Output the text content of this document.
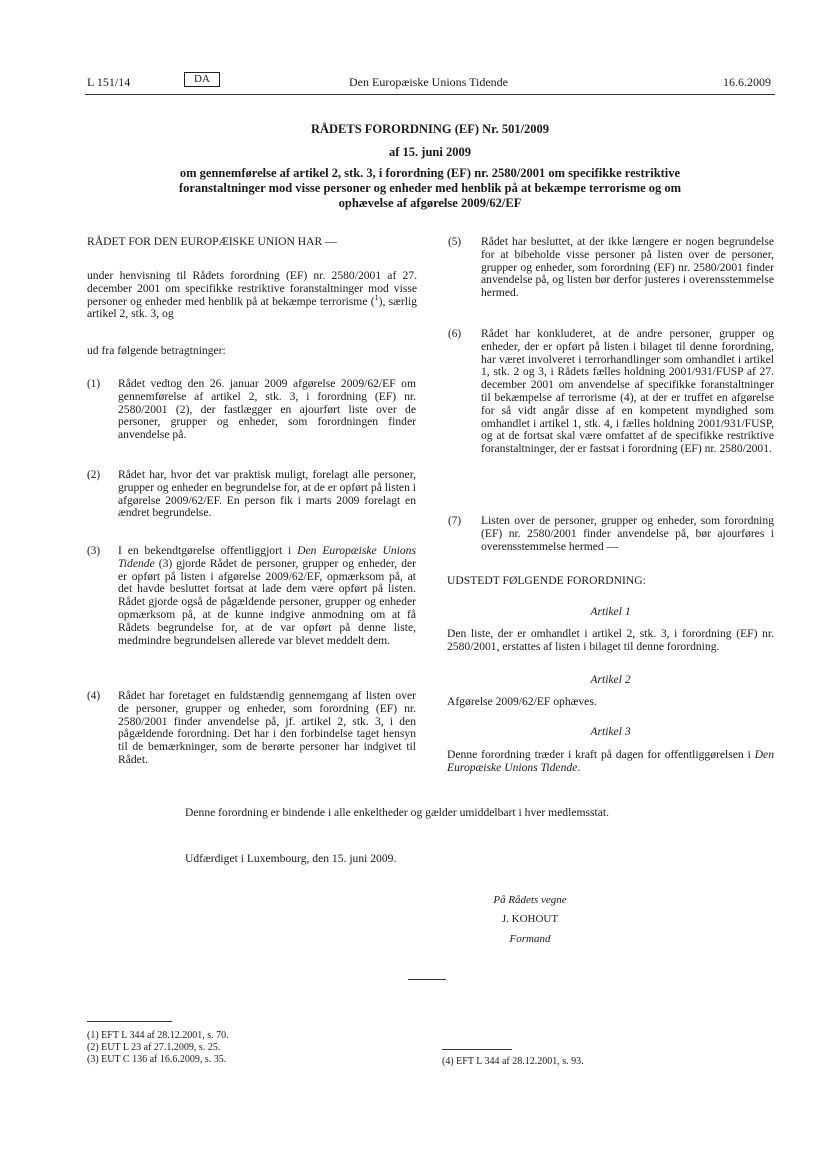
L 151/14	DA	Den Europæiske Unions Tidende	16.6.2009
RÅDETS FORORDNING (EF) Nr. 501/2009
af 15. juni 2009
om gennemførelse af artikel 2, stk. 3, i forordning (EF) nr. 2580/2001 om specifikke restriktive foranstaltninger mod visse personer og enheder med henblik på at bekæmpe terrorisme og om ophævelse af afgørelse 2009/62/EF
RÅDET FOR DEN EUROPÆISKE UNION HAR —
under henvisning til Rådets forordning (EF) nr. 2580/2001 af 27. december 2001 om specifikke restriktive foranstaltninger mod visse personer og enheder med henblik på at bekæmpe terrorisme ($^1$), særlig artikel 2, stk. 3, og
ud fra følgende betragtninger:
(1) Rådet vedtog den 26. januar 2009 afgørelse 2009/62/EF om gennemførelse af artikel 2, stk. 3, i forordning (EF) nr. 2580/2001 (2), der fastlægger en ajourført liste over de personer, grupper og enheder, som forordningen finder anvendelse på.
(2) Rådet har, hvor det var praktisk muligt, forelagt alle personer, grupper og enheder en begrundelse for, at de er opført på listen i afgørelse 2009/62/EF. En person fik i marts 2009 forelagt en ændret begrundelse.
(3) I en bekendtgørelse offentliggjort i Den Europæiske Unions Tidende (3) gjorde Rådet de personer, grupper og enheder, der er opført på listen i afgørelse 2009/62/EF, opmærksom på, at det havde besluttet fortsat at lade dem være opført på listen. Rådet gjorde også de pågældende personer, grupper og enheder opmærksom på, at de kunne indgive anmodning om at få Rådets begrundelse for, at de var opført på denne liste, medmindre begrundelsen allerede var blevet meddelt dem.
(4) Rådet har foretaget en fuldstændig gennemgang af listen over de personer, grupper og enheder, som forordning (EF) nr. 2580/2001 finder anvendelse på, jf. artikel 2, stk. 3, i den pågældende forordning. Det har i den forbindelse taget hensyn til de bemærkninger, som de berørte personer har indgivet til Rådet.
(5) Rådet har besluttet, at der ikke længere er nogen begrundelse for at bibeholde visse personer på listen over de personer, grupper og enheder, som forordning (EF) nr. 2580/2001 finder anvendelse på, og listen bør derfor justeres i overensstemmelse hermed.
(6) Rådet har konkluderet, at de andre personer, grupper og enheder, der er opført på listen i bilaget til denne forordning, har været involveret i terrorhandlinger som omhandlet i artikel 1, stk. 2 og 3, i Rådets fælles holdning 2001/931/FUSP af 27. december 2001 om anvendelse af specifikke foranstaltninger til bekæmpelse af terrorisme (4), at der er truffet en afgørelse for så vidt angår disse af en kompetent myndighed som omhandlet i artikel 1, stk. 4, i fælles holdning 2001/931/FUSP, og at de fortsat skal være omfattet af de specifikke restriktive foranstaltninger, der er fastsat i forordning (EF) nr. 2580/2001.
(7) Listen over de personer, grupper og enheder, som forordning (EF) nr. 2580/2001 finder anvendelse på, bør ajourføres i overensstemmelse hermed —
UDSTEDT FØLGENDE FORORDNING:
Artikel 1
Den liste, der er omhandlet i artikel 2, stk. 3, i forordning (EF) nr. 2580/2001, erstattes af listen i bilaget til denne forordning.
Artikel 2
Afgørelse 2009/62/EF ophæves.
Artikel 3
Denne forordning træder i kraft på dagen for offentliggørelsen i Den Europæiske Unions Tidende.
Denne forordning er bindende i alle enkeltheder og gælder umiddelbart i hver medlemsstat.
Udfærdiget i Luxembourg, den 15. juni 2009.
På Rådets vegne
J. KOHOUT
Formand
(1) EFT L 344 af 28.12.2001, s. 70.
(2) EUT L 23 af 27.1.2009, s. 25.
(3) EUT C 136 af 16.6.2009, s. 35.	(4) EFT L 344 af 28.12.2001, s. 93.
